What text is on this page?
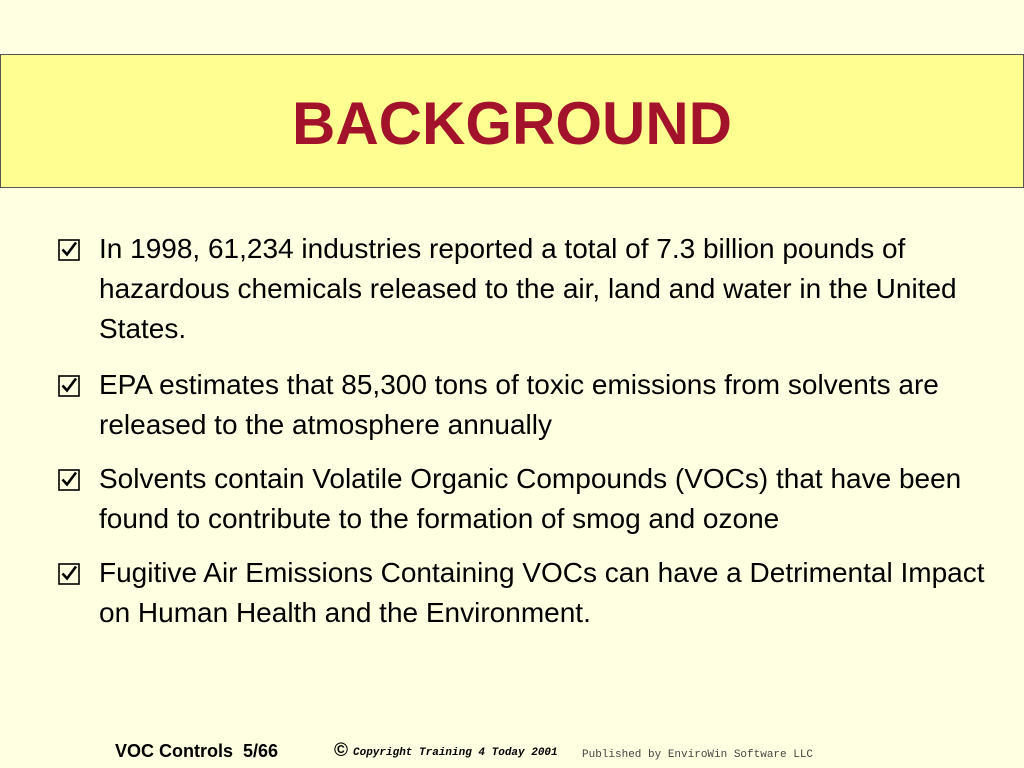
BACKGROUND
In 1998, 61,234 industries reported a total of 7.3 billion pounds of hazardous chemicals released to the air, land and water in the United States.
EPA estimates that 85,300 tons of toxic emissions from solvents are released to the atmosphere annually
Solvents contain Volatile Organic Compounds (VOCs) that have been found to contribute to the formation of smog and ozone
Fugitive Air Emissions Containing VOCs can have a Detrimental Impact on Human Health and the Environment.
VOC Controls  5/66	© Copyright Training 4 Today 2001 Published by EnviroWin Software LLC
